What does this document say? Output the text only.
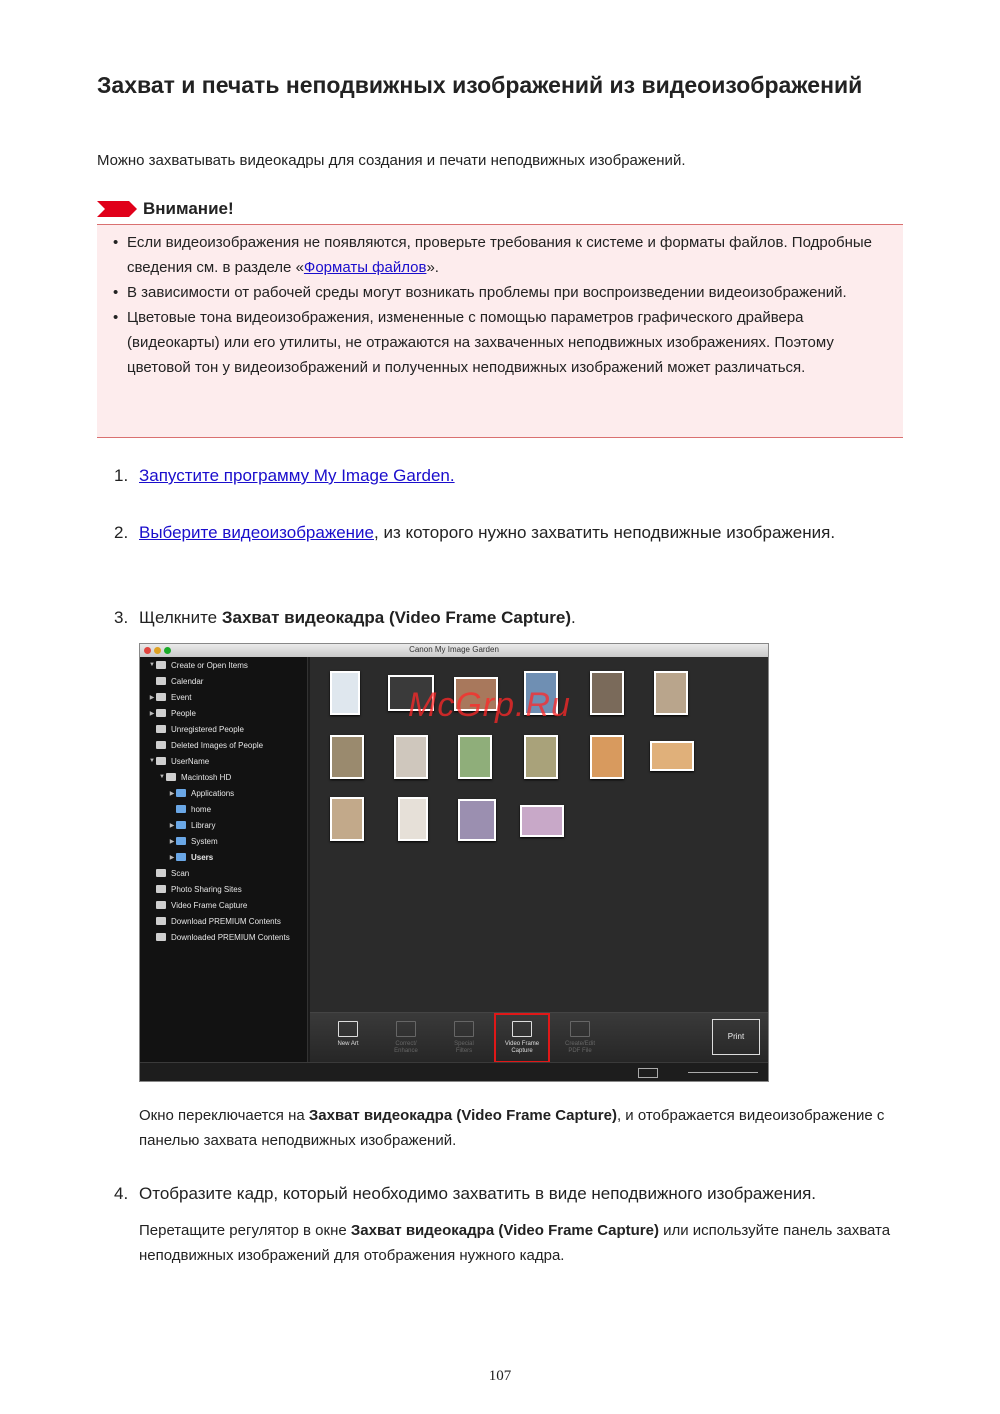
Захват и печать неподвижных изображений из видеоизображений
Можно захватывать видеокадры для создания и печати неподвижных изображений.
Внимание!
• Если видеоизображения не появляются, проверьте требования к системе и форматы файлов. Подробные сведения см. в разделе «Форматы файлов».
• В зависимости от рабочей среды могут возникать проблемы при воспроизведении видеоизображений.
• Цветовые тона видеоизображения, измененные с помощью параметров графического драйвера (видеокарты) или его утилиты, не отражаются на захваченных неподвижных изображениях. Поэтому цветовой тон у видеоизображений и полученных неподвижных изображений может различаться.
1. Запустите программу My Image Garden.
2. Выберите видеоизображение, из которого нужно захватить неподвижные изображения.
3. Щелкните Захват видеокадра (Video Frame Capture).
Canon My Image Garden
▼ Create or Open Items
Calendar
▶ Event
▶ People
Unregistered People
Deleted Images of People
▼ UserName
▼ Macintosh HD
▶ Applications
home
▶ Library
▶ System
▶ Users
Scan
Photo Sharing Sites
Video Frame Capture
Download PREMIUM Contents
Downloaded PREMIUM Contents
Print
New Art	Correct/
Enhance
Special
Filters
Video Frame
Capture
Create/Edit
PDF File
McGrp.Ru
Окно переключается на Захват видеокадра (Video Frame Capture), и отображается видеоизображение с панелью захвата неподвижных изображений.
4. Отобразите кадр, который необходимо захватить в виде неподвижного изображения.
Перетащите регулятор в окне Захват видеокадра (Video Frame Capture) или используйте панель захвата неподвижных изображений для отображения нужного кадра.
107
